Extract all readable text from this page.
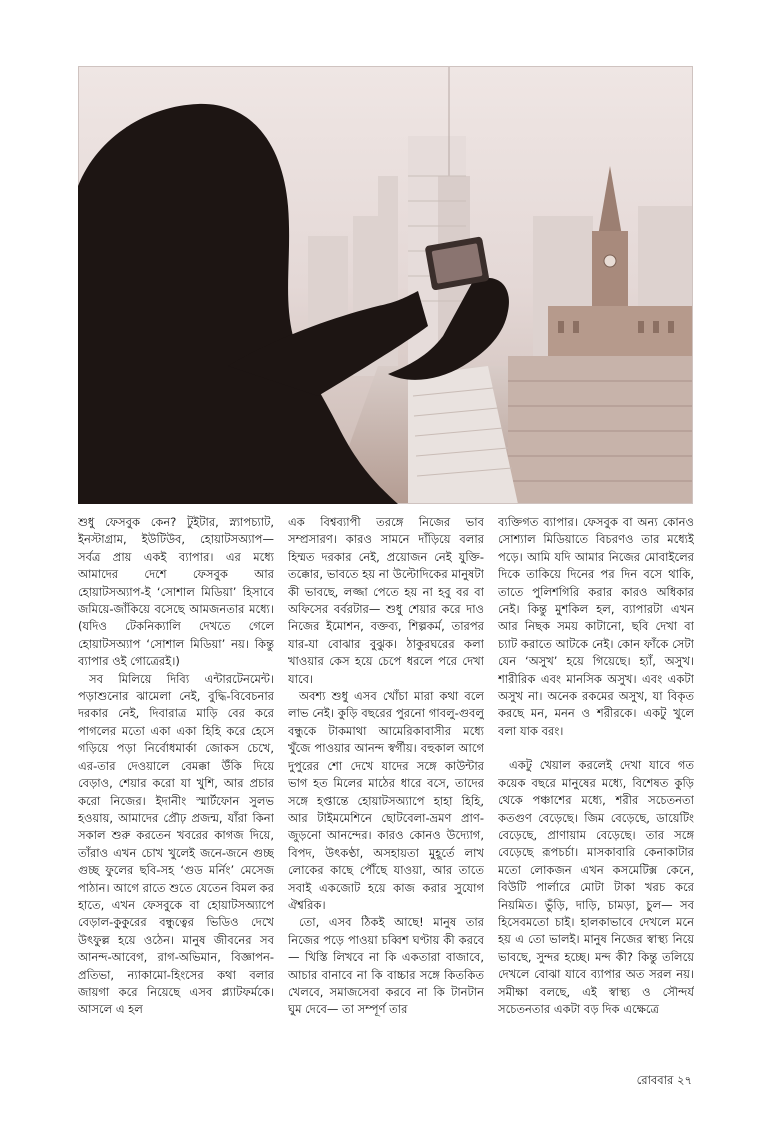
শুধু ফেসবুক কেন? টুইটার, স্ন্যাপচ্যাট, ইনস্টাগ্রাম, ইউটিউব, হোয়াটসঅ্যাপ— সর্বত্র প্রায় একই ব্যাপার। এর মধ্যে আমাদের দেশে ফেসবুক আর হোয়াটসঅ্যাপ-ই ‘সোশাল মিডিয়া’ হিসাবে জমিয়ে-জাঁকিয়ে বসেছে আমজনতার মধ্যে। (যদিও টেকনিক্যালি দেখতে গেলে হোয়াটসঅ্যাপ ‘সোশাল মিডিয়া’ নয়। কিন্তু ব্যাপার ওই গোত্রেরই।)

সব মিলিয়ে দিব্যি এন্টারটেনমেন্ট। পড়াশুনোর ঝামেলা নেই, বুদ্ধি-বিবেচনার দরকার নেই, দিবারাত্র মাড়ি বের করে পাগলের মতো একা একা হিহি করে হেসে গড়িয়ে পড়া নির্বোধমার্কা জোকস চেখে, এর-তার দেওয়ালে বেমক্কা উঁকি দিয়ে বেড়াও, শেয়ার করো যা খুশি, আর প্রচার করো নিজের। ইদানীং স্মার্টফোন সুলভ হওয়ায়, আমাদের প্রৌঢ় প্রজন্ম, যাঁরা কিনা সকাল শুরু করতেন খবরের কাগজ দিয়ে, তাঁরাও এখন চোখ খুলেই জনে-জনে গুচ্ছ গুচ্ছ ফুলের ছবি-সহ ‘গুড মর্নিং’ মেসেজ পাঠান। আগে রাতে শুতে যেতেন বিমল কর হাতে, এখন ফেসবুকে বা হোয়াটসঅ্যাপে বেড়াল-কুকুরের বন্ধুত্বের ভিডিও দেখে উৎফুল্ল হয়ে ওঠেন। মানুষ জীবনের সব আনন্দ-আবেগ, রাগ-অভিমান, বিজ্ঞাপন-প্রতিভা, ন্যাকামো-হিংসের কথা বলার জায়গা করে নিয়েছে এসব প্ল্যাটফর্মকে। আসলে এ হল

এক বিশ্বব্যাপী তরঙ্গে নিজের ভাব সম্প্রসারণ। কারও সামনে দাঁড়িয়ে বলার হিম্মত দরকার নেই, প্রয়োজন নেই যুক্তি-তক্কোর, ভাবতে হয় না উল্টোদিকের মানুষটা কী ভাবছে, লজ্জা পেতে হয় না হবু বর বা অফিসের বর্বরটার— শুধু শেয়ার করে দাও নিজের ইমোশন, বক্তব্য, শিল্পকর্ম, তারপর যার-যা বোঝার বুঝুক। ঠাকুরঘরের কলা খাওয়ার কেস হয়ে চেপে ধরলে পরে দেখা যাবে।

অবশ্য শুধু এসব খোঁচা মারা কথা বলে লাভ নেই। কুড়ি বছরের পুরনো গাবলু-গুবলু বন্ধুকে টাকমাথা আমেরিকাবাসীর মধ্যে খুঁজে পাওয়ার আনন্দ স্বর্গীয়। বহুকাল আগে দুপুরের শো দেখে যাদের সঙ্গে কাউন্টার ভাগ হত মিলের মাঠের ধারে বসে, তাদের সঙ্গে হপ্তান্তে হোয়াটসঅ্যাপে হাহা হিহি, আর টাইমমেশিনে ছোটবেলা-ভ্রমণ প্রাণ-জুড়নো আনন্দের। কারও কোনও উদ্যোগ, বিপদ, উৎকণ্ঠা, অসহায়তা মুহূর্তে লাখ লোকের কাছে পৌঁছে যাওয়া, আর তাতে সবাই একজোট হয়ে কাজ করার সুযোগ ঐশ্বরিক।

তো, এসব ঠিকই আছে! মানুষ তার নিজের পড়ে পাওয়া চব্বিশ ঘণ্টায় কী করবে— খিস্তি লিখবে না কি একতারা বাজাবে, আচার বানাবে না কি বাচ্চার সঙ্গে কিতকিত খেলবে, সমাজসেবা করবে না কি টানটান ঘুম দেবে— তা সম্পূর্ণ তার

ব্যক্তিগত ব্যাপার। ফেসবুক বা অন্য কোনও সোশ্যাল মিডিয়াতে বিচরণও তার মধ্যেই পড়ে। আমি যদি আমার নিজের মোবাইলের দিকে তাকিয়ে দিনের পর দিন বসে থাকি, তাতে পুলিশগিরি করার কারও অধিকার নেই। কিন্তু মুশকিল হল, ব্যাপারটা এখন আর নিছক সময় কাটানো, ছবি দেখা বা চ্যাট করাতে আটকে নেই। কোন ফাঁকে সেটা যেন ‘অসুখ’ হয়ে গিয়েছে। হ্যাঁ, অসুখ। শারীরিক এবং মানসিক অসুখ। এবং একটা অসুখ না। অনেক রকমের অসুখ, যা বিকৃত করছে মন, মনন ও শরীরকে। একটু খুলে বলা যাক বরং।

একটু খেয়াল করলেই দেখা যাবে গত কয়েক বছরে মানুষের মধ্যে, বিশেষত কুড়ি থেকে পঞ্চাশের মধ্যে, শরীর সচেতনতা কতগুণ বেড়েছে। জিম বেড়েছে, ডায়েটিং বেড়েছে, প্রাণায়াম বেড়েছে। তার সঙ্গে বেড়েছে রূপচর্চা। মাসকাবারি কেনাকাটার মতো লোকজন এখন কসমেটিক্স কেনে, বিউটি পার্লারে মোটা টাকা খরচ করে নিয়মিত। ভুঁড়ি, দাড়ি, চামড়া, চুল— সব হিসেবমতো চাই। হালকাভাবে দেখলে মনে হয় এ তো ভালই। মানুষ নিজের স্বাস্থ্য নিয়ে ভাবছে, সুন্দর হচ্ছে। মন্দ কী? কিন্তু তলিয়ে দেখলে বোঝা যাবে ব্যাপার অত সরল নয়। সমীক্ষা বলছে, এই স্বাস্থ্য ও সৌন্দর্য সচেতনতার একটা বড় দিক এক্ষেত্রে

রোববার ২৭
